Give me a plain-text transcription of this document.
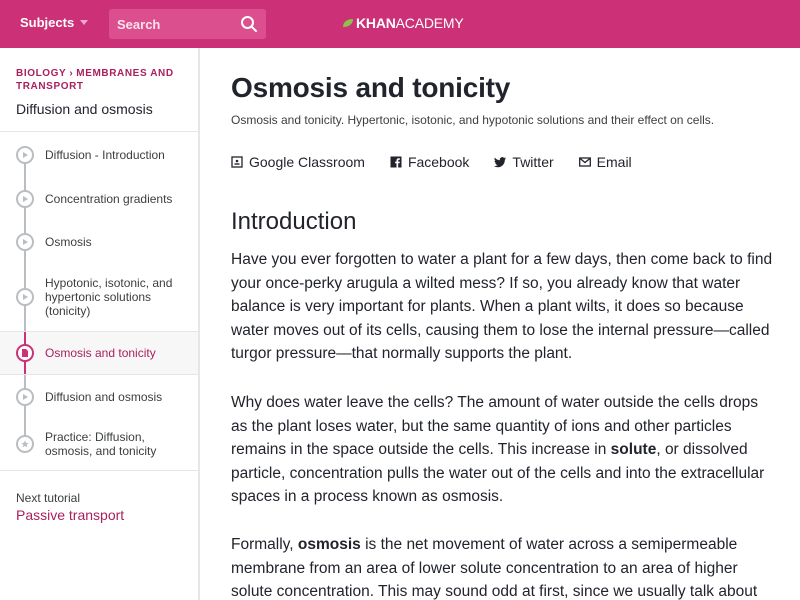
Subjects
Search	KHAN ACADEMY
BIOLOGY › MEMBRANES AND TRANSPORT
Diffusion and osmosis
Diffusion - Introduction
Concentration gradients
Osmosis
Hypotonic, isotonic, and hypertonic solutions (tonicity)
Osmosis and tonicity
Diffusion and osmosis
Practice: Diffusion, osmosis, and tonicity
Next tutorial
Passive transport
Osmosis and tonicity
Osmosis and tonicity. Hypertonic, isotonic, and hypotonic solutions and their effect on cells.
Google Classroom	Facebook	Twitter	Email
Introduction

Have you ever forgotten to water a plant for a few days, then come back to find your once-perky arugula a wilted mess? If so, you already know that water balance is very important for plants. When a plant wilts, it does so because water moves out of its cells, causing them to lose the internal pressure—called turgor pressure—that normally supports the plant.

Why does water leave the cells? The amount of water outside the cells drops as the plant loses water, but the same quantity of ions and other particles remains in the space outside the cells. This increase in solute, or dissolved particle, concentration pulls the water out of the cells and into the extracellular spaces in a process known as osmosis.

Formally, osmosis is the net movement of water across a semipermeable membrane from an area of lower solute concentration to an area of higher solute concentration. This may sound odd at first, since we usually talk about
